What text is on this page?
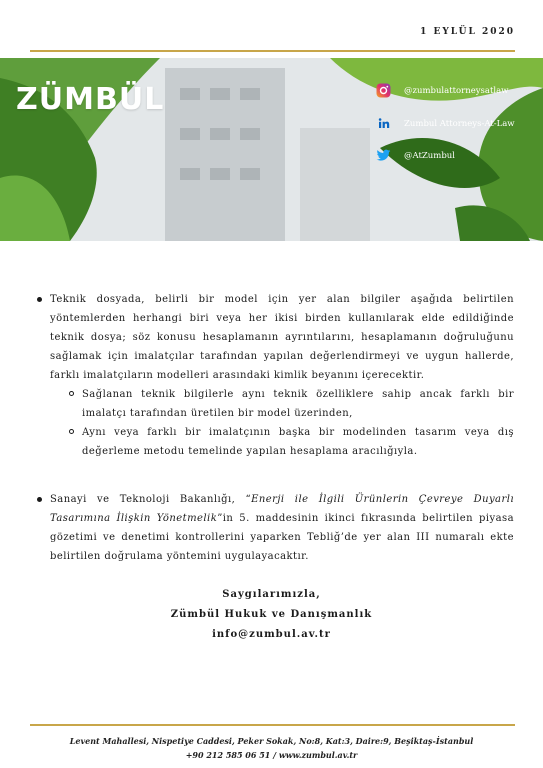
1 EYLÜL 2020
ZÜMBÜL	@zumbulattorneysatlaw
Zumbul Attorneys-At-Law
@AtZumbul

Teknik dosyada, belirli bir model için yer alan bilgiler aşağıda belirtilen yöntemlerden herhangi biri veya her ikisi birden kullanılarak elde edildiğinde teknik dosya; söz konusu hesaplamanın ayrıntılarını, hesaplamanın doğruluğunu sağlamak için imalatçılar tarafından yapılan değerlendirmeyi ve uygun hallerde, farklı imalatçıların modelleri arasındaki kimlik beyanını içerecektir.

Sağlanan teknik bilgilerle aynı teknik özelliklere sahip ancak farklı bir imalatçı tarafından üretilen bir model üzerinden,
Aynı veya farklı bir imalatçının başka bir modelinden tasarım veya dış değerleme metodu temelinde yapılan hesaplama aracılığıyla.

Sanayi ve Teknoloji Bakanlığı, “Enerji ile İlgili Ürünlerin Çevreye Duyarlı Tasarımına İlişkin Yönetmelik”in 5. maddesinin ikinci fıkrasında belirtilen piyasa gözetimi ve denetimi kontrollerini yaparken Tebliğ’de yer alan III numaralı ekte belirtilen doğrulama yöntemini uygulayacaktır.

Saygılarımızla,
Zümbül Hukuk ve Danışmanlık
info@zumbul.av.tr
Levent Mahallesi, Nispetiye Caddesi, Peker Sokak, No:8, Kat:3, Daire:9, Beşiktaş-İstanbul
+90 212 585 06 51 / www.zumbul.av.tr
